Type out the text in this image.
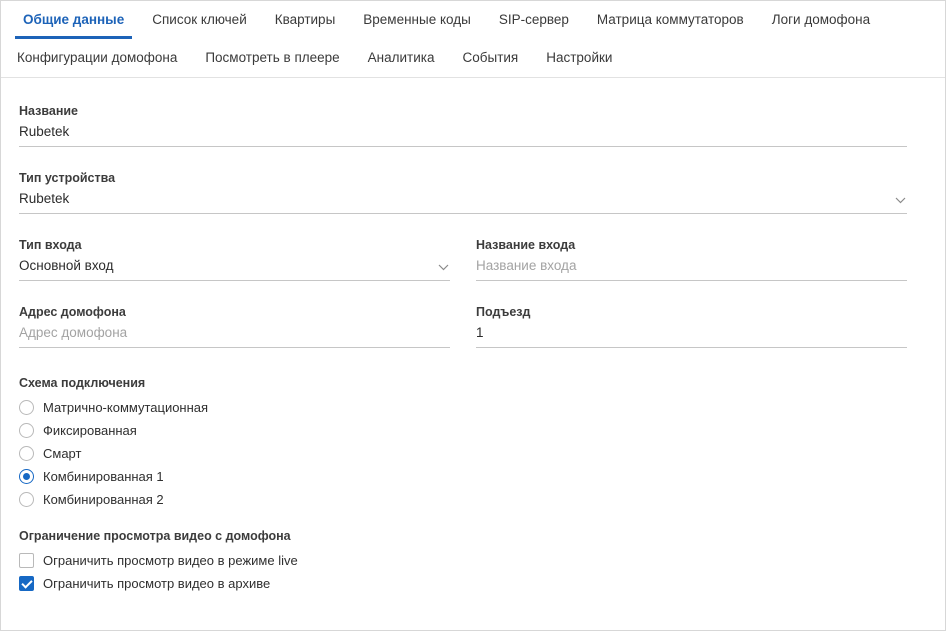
Общие данные	Список ключей	Квартиры	Временные коды	SIP-сервер	Матрица коммутаторов	Логи домофона
Конфигурации домофона	Посмотреть в плеере	Аналитика	События	Настройки
Название
Rubetek
Тип устройства
Rubetek
Тип входа
Основной вход
Название входа
Название входа
Адрес домофона
Адрес домофона
Подъезд
1
Схема подключения
Матрично-коммутационная
Фиксированная
Смарт
Комбинированная 1
Комбинированная 2
Ограничение просмотра видео с домофона
Ограничить просмотр видео в режиме live
Ограничить просмотр видео в архиве
